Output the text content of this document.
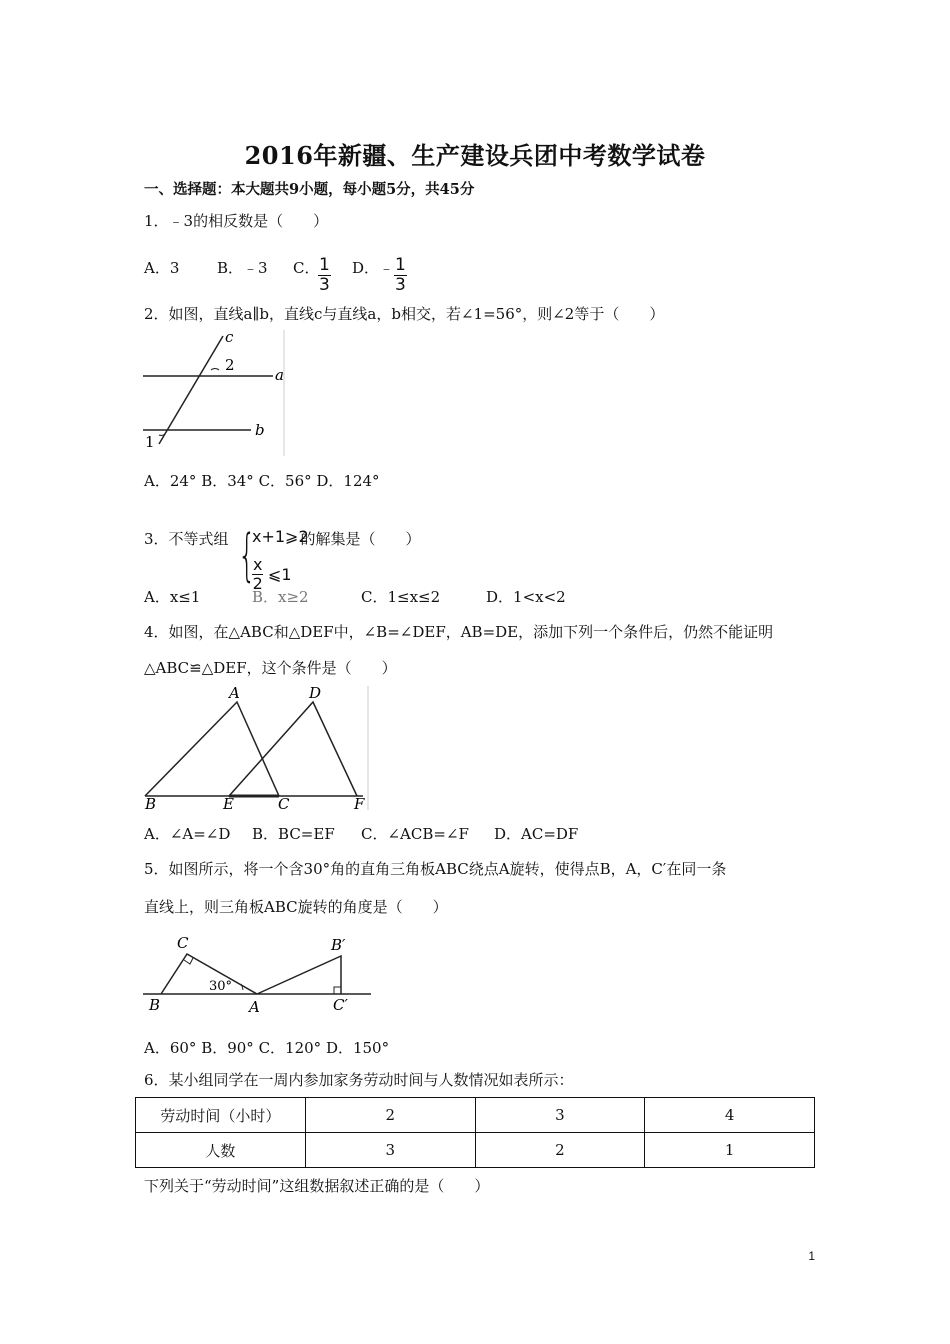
2016年新疆、生产建设兵团中考数学试卷
一、选择题：本大题共9小题，每小题5分，共45分
1．﹣3的相反数是（　　）
A．3	B．﹣3 C．
$\frac{1}{3}$ D．﹣ $\frac{1}{3}$
2．如图，直线a∥b，直线c与直线a，b相交，若∠1=56°，则∠2等于（　　）
c
2
a
b
1
A．24° B．34° C．56° D．124°
3．不等式组	的解集是（　　）
{
x+1⩾2
$\frac{x}{2}$ ⩽1
A．x≤1	B．x≥2	C．1≤x≤2	D．1<x<2
4．如图，在△ABC和△DEF中，∠B=∠DEF，AB=DE，添加下列一个条件后，仍然不能证明
△ABC≌△DEF，这个条件是（　　）
A	D
B	E	C	F
A．∠A=∠D B．BC=EF C．∠ACB=∠F D．AC=DF
5．如图所示，将一个含30°角的直角三角板ABC绕点A旋转，使得点B，A，C′在同一条
直线上，则三角板ABC旋转的角度是（　　）
C
B	A
B′
C′
30°
A．60° B．90° C．120° D．150°
6．某小组同学在一周内参加家务劳动时间与人数情况如表所示：
劳动时间（小时）	2	3	4
人数	3	2	1
下列关于“劳动时间”这组数据叙述正确的是（　　）
1
